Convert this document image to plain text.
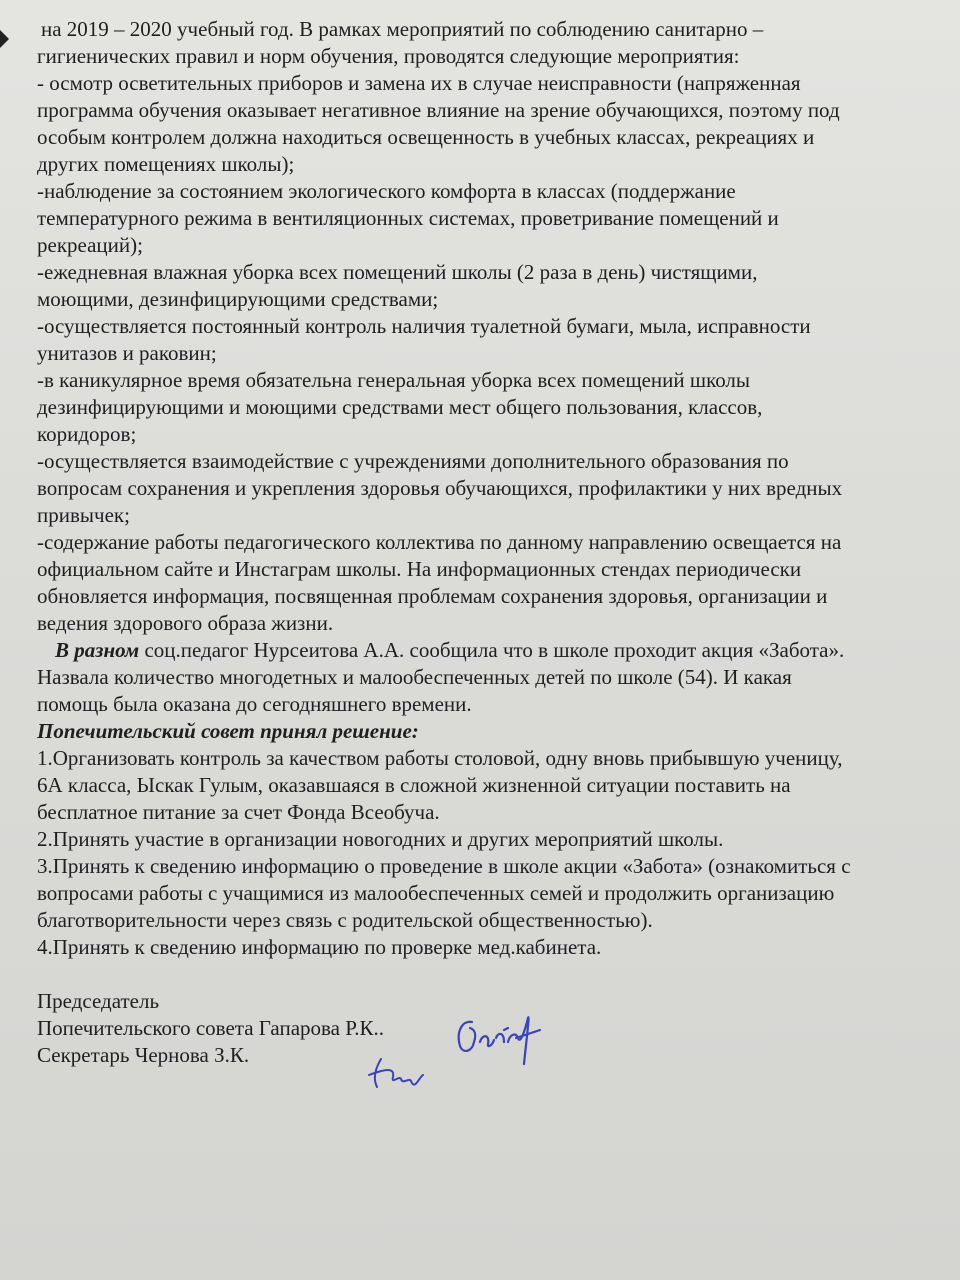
на 2019 – 2020 учебный год. В рамках мероприятий по соблюдению санитарно –
гигиенических правил и норм обучения, проводятся следующие мероприятия:
- осмотр осветительных приборов и замена их в случае неисправности (напряженная
программа обучения оказывает негативное влияние на зрение обучающихся, поэтому под
особым контролем должна находиться освещенность в учебных классах, рекреациях и
других помещениях школы);
-наблюдение за состоянием экологического комфорта в классах (поддержание
температурного режима в вентиляционных системах, проветривание помещений и
рекреаций);
-ежедневная влажная уборка всех помещений школы (2 раза в день) чистящими,
моющими, дезинфицирующими средствами;
-осуществляется постоянный контроль наличия туалетной бумаги, мыла, исправности
унитазов и раковин;
-в каникулярное время обязательна генеральная уборка всех помещений школы
дезинфицирующими и моющими средствами мест общего пользования, классов,
коридоров;
-осуществляется взаимодействие с учреждениями дополнительного образования по
вопросам сохранения и укрепления здоровья обучающихся, профилактики у них вредных
привычек;
-содержание работы педагогического коллектива по данному направлению освещается на
официальном сайте и Инстаграм школы. На информационных стендах периодически
обновляется информация, посвященная проблемам сохранения здоровья, организации и
ведения здорового образа жизни.
В разном соц.педагог Нурсеитова А.А. сообщила что в школе проходит акция «Забота».
Назвала количество многодетных и малообеспеченных детей по школе (54). И какая
помощь была оказана до сегодняшнего времени.
Попечительский совет принял решение:
1.Организовать контроль за качеством работы столовой, одну вновь прибывшую ученицу,
6А класса, Ыскак Гулым, оказавшаяся в сложной жизненной ситуации поставить на
бесплатное питание за счет Фонда Всеобуча.
2.Принять участие в организации новогодних и других мероприятий школы.
3.Принять к сведению информацию о проведение в школе акции «Забота» (ознакомиться с
вопросами работы с учащимися из малообеспеченных семей и продолжить организацию
благотворительности через связь с родительской общественностью).
4.Принять к сведению информацию по проверке мед.кабинета.
Председатель
Попечительского совета Гапарова Р.К..
Секретарь Чернова З.К.
